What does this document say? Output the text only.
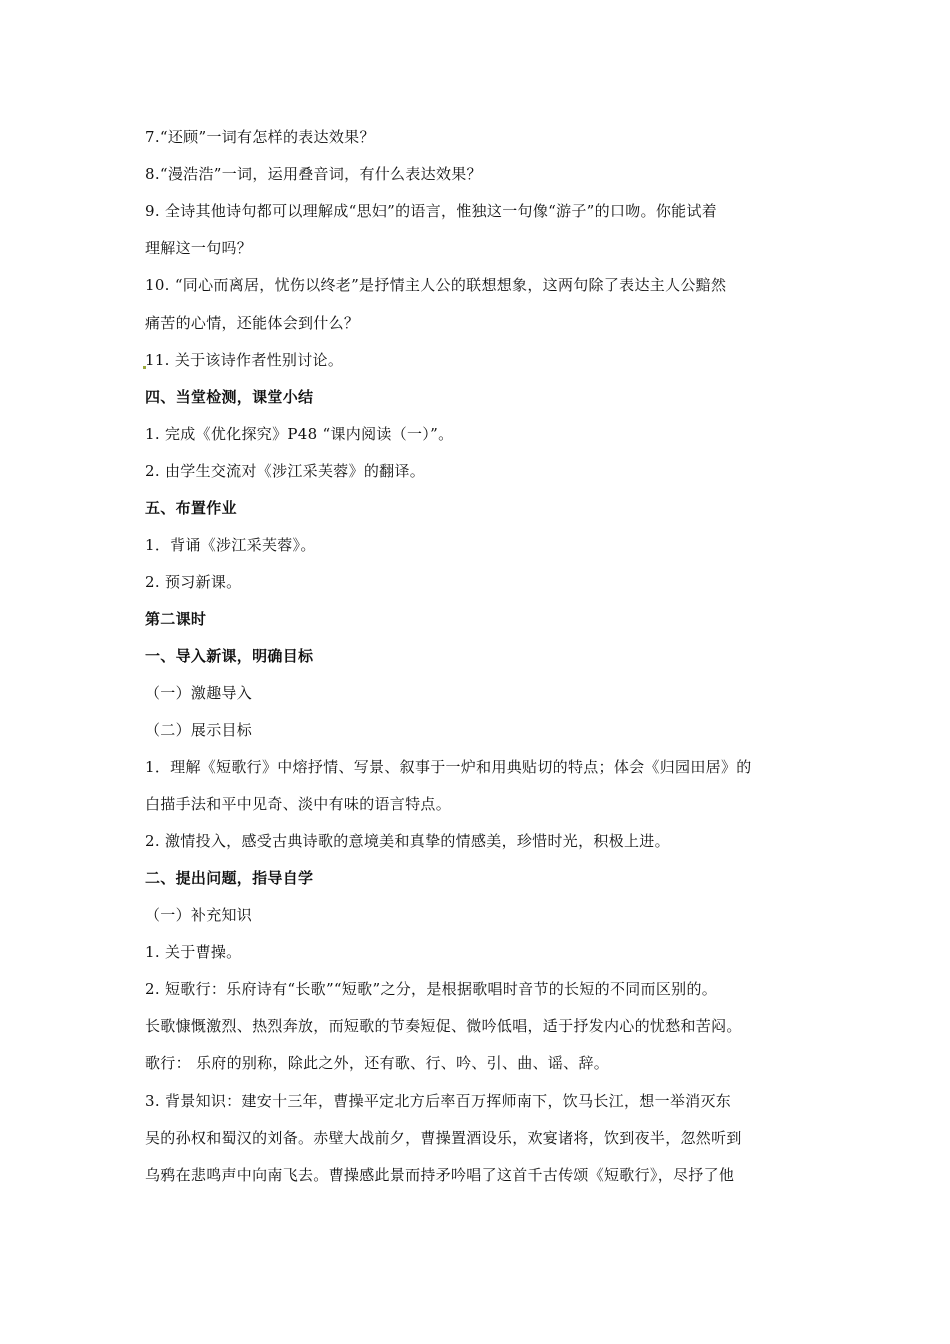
7.“还顾”一词有怎样的表达效果？
8.“漫浩浩”一词，运用叠音词，有什么表达效果？
9. 全诗其他诗句都可以理解成“思妇”的语言，惟独这一句像“游子”的口吻。你能试着
理解这一句吗？
10. “同心而离居，忧伤以终老”是抒情主人公的联想想象，这两句除了表达主人公黯然
痛苦的心情，还能体会到什么？
11. 关于该诗作者性别讨论。
四、当堂检测，课堂小结
1. 完成《优化探究》P48 “课内阅读（一）”。
2. 由学生交流对《涉江采芙蓉》的翻译。
五、布置作业
1．背诵《涉江采芙蓉》。
2. 预习新课。
第二课时
一、导入新课，明确目标
（一）激趣导入
（二）展示目标
1．理解《短歌行》中熔抒情、写景、叙事于一炉和用典贴切的特点；体会《归园田居》的
白描手法和平中见奇、淡中有味的语言特点。
2. 激情投入，感受古典诗歌的意境美和真挚的情感美，珍惜时光，积极上进。
二、提出问题，指导自学
（一）补充知识
1. 关于曹操。
2. 短歌行：乐府诗有“长歌”“短歌”之分，是根据歌唱时音节的长短的不同而区别的。
长歌慷慨激烈、热烈奔放，而短歌的节奏短促、微吟低唱，适于抒发内心的忧愁和苦闷。
歌行： 乐府的别称，除此之外，还有歌、行、吟、引、曲、谣、辞。
3. 背景知识：建安十三年，曹操平定北方后率百万挥师南下，饮马长江，想一举消灭东
吴的孙权和蜀汉的刘备。赤壁大战前夕，曹操置酒设乐，欢宴诸将，饮到夜半，忽然听到
乌鸦在悲鸣声中向南飞去。曹操感此景而持矛吟唱了这首千古传颂《短歌行》，尽抒了他
